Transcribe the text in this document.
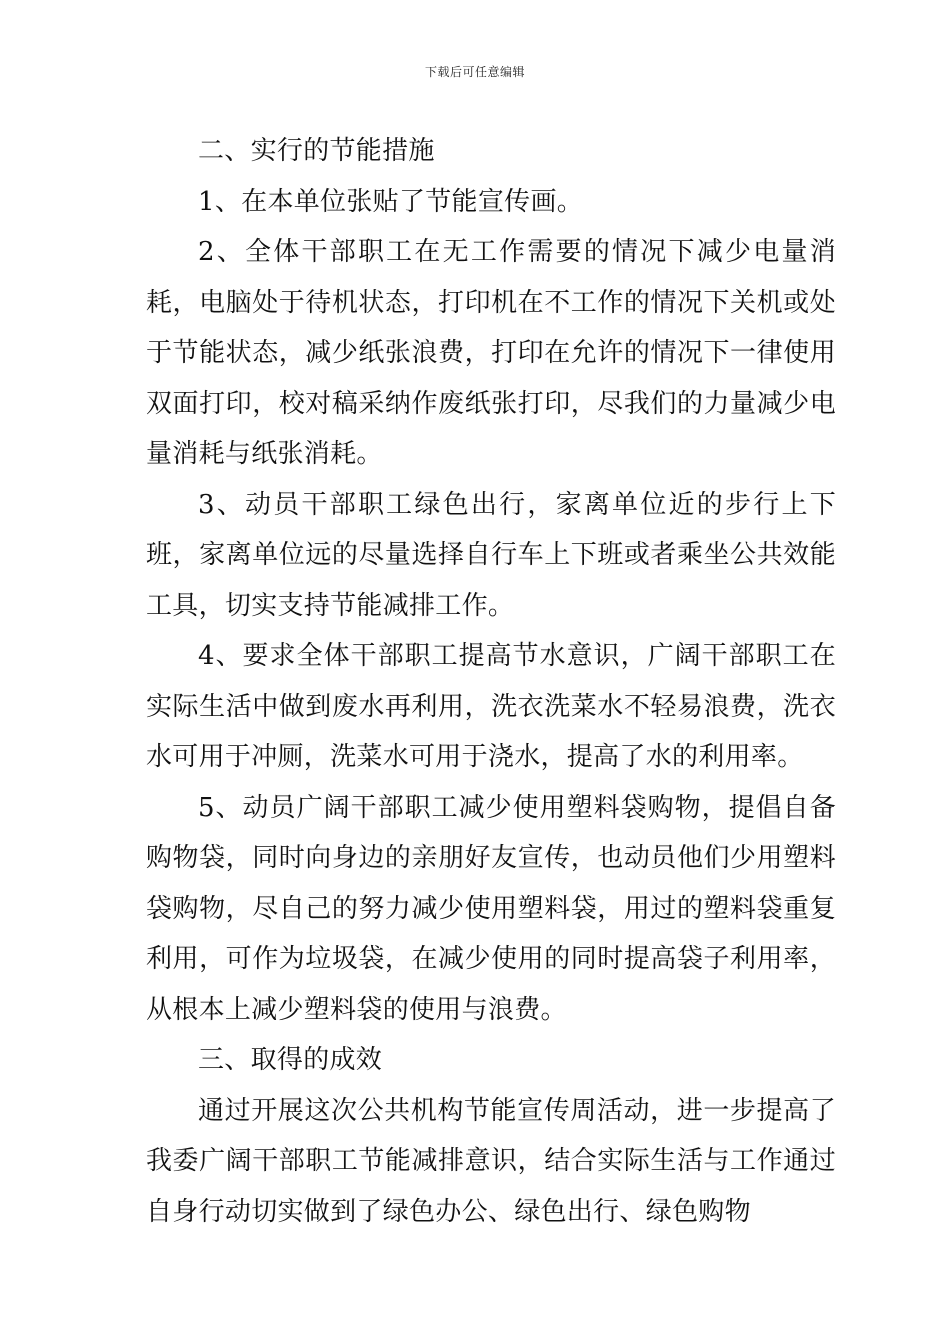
下载后可任意编辑

二、实行的节能措施

1、在本单位张贴了节能宣传画。

2、全体干部职工在无工作需要的情况下减少电量消耗，电脑处于待机状态，打印机在不工作的情况下关机或处于节能状态，减少纸张浪费，打印在允许的情况下一律使用双面打印，校对稿采纳作废纸张打印，尽我们的力量减少电量消耗与纸张消耗。

3、动员干部职工绿色出行，家离单位近的步行上下班，家离单位远的尽量选择自行车上下班或者乘坐公共效能工具，切实支持节能减排工作。

4、要求全体干部职工提高节水意识，广阔干部职工在实际生活中做到废水再利用，洗衣洗菜水不轻易浪费，洗衣水可用于冲厕，洗菜水可用于浇水，提高了水的利用率。

5、动员广阔干部职工减少使用塑料袋购物，提倡自备购物袋，同时向身边的亲朋好友宣传，也动员他们少用塑料袋购物，尽自己的努力减少使用塑料袋，用过的塑料袋重复利用，可作为垃圾袋，在减少使用的同时提高袋子利用率，从根本上减少塑料袋的使用与浪费。

三、取得的成效

通过开展这次公共机构节能宣传周活动，进一步提高了我委广阔干部职工节能减排意识，结合实际生活与工作通过自身行动切实做到了绿色办公、绿色出行、绿色购物
